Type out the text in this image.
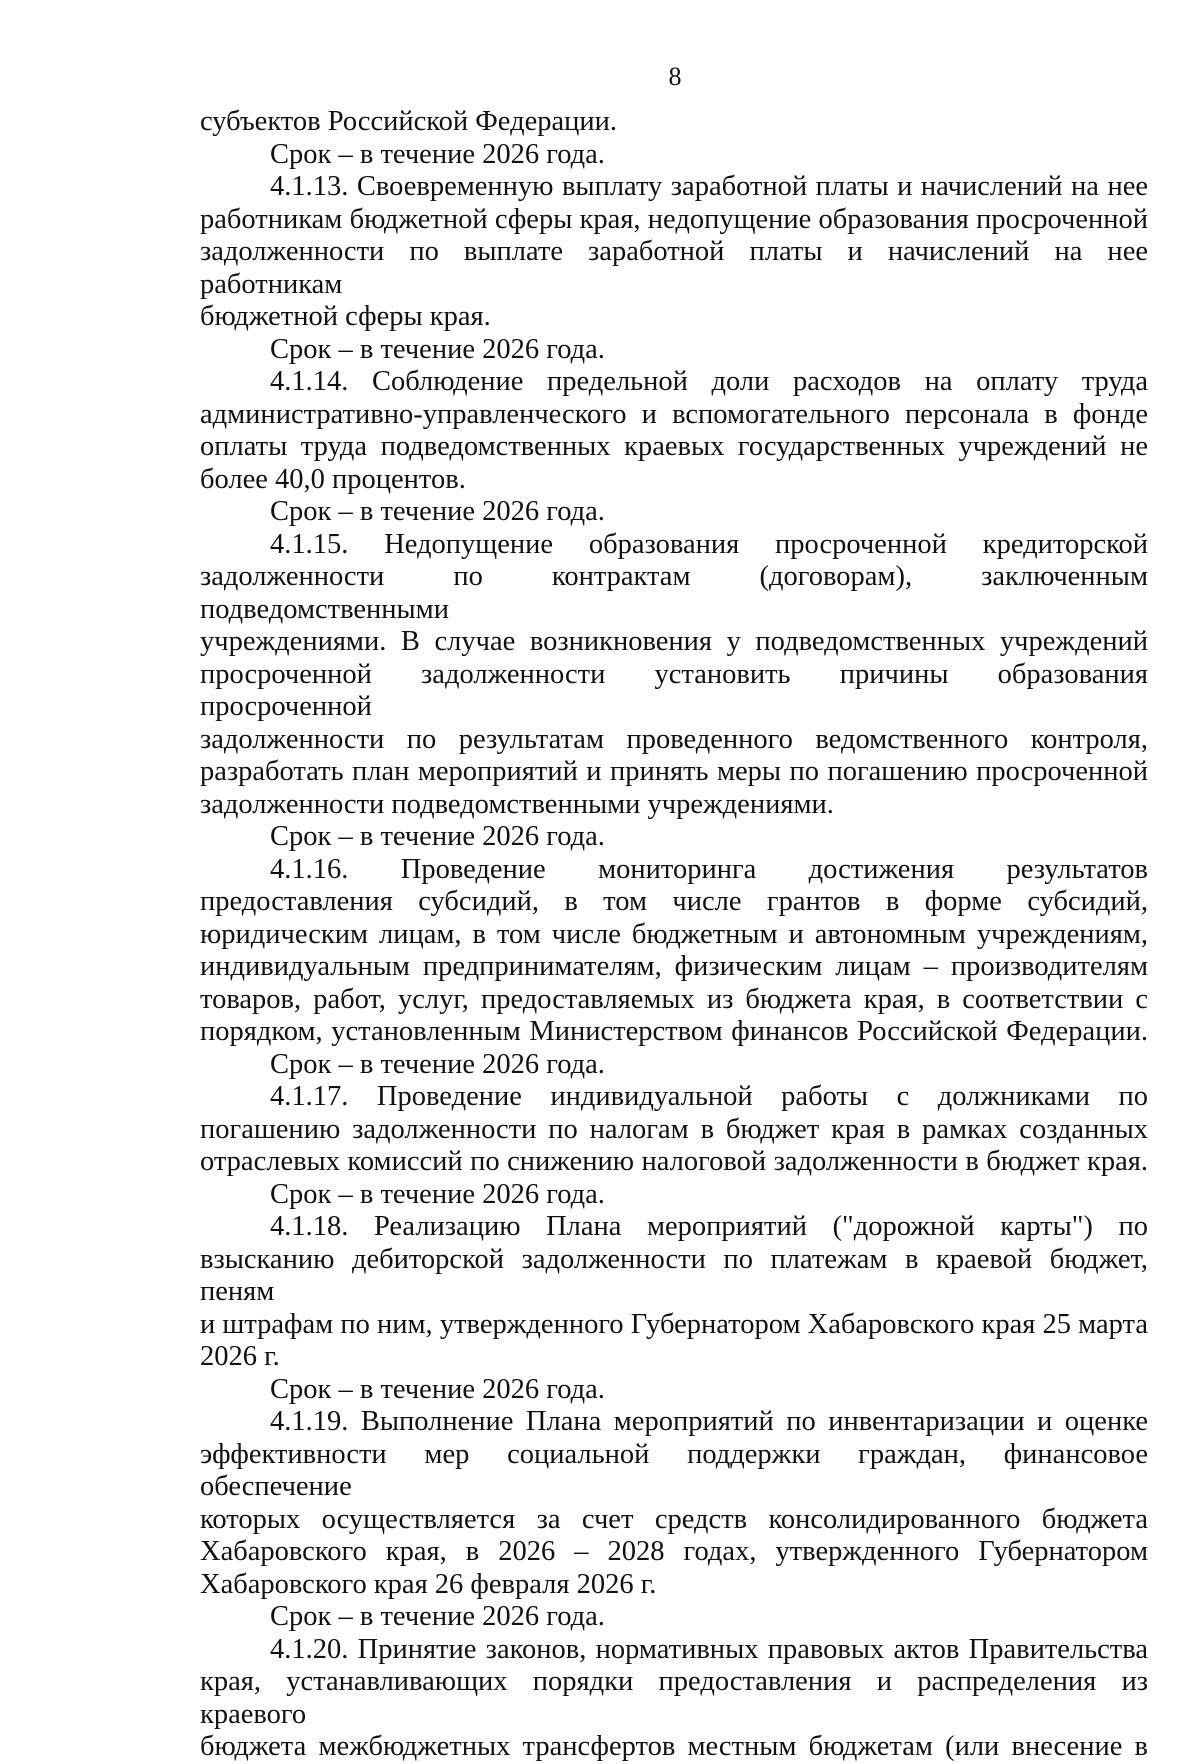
8
субъектов Российской Федерации.
Срок – в течение 2026 года.
4.1.13. Своевременную выплату заработной платы и начислений на нее
работникам бюджетной сферы края, недопущение образования просроченной
задолженности по выплате заработной платы и начислений на нее работникам
бюджетной сферы края.
Срок – в течение 2026 года.
4.1.14. Соблюдение предельной доли расходов на оплату труда
административно-управленческого и вспомогательного персонала в фонде
оплаты труда подведомственных краевых государственных учреждений не
более 40,0 процентов.
Срок – в течение 2026 года.
4.1.15. Недопущение образования просроченной кредиторской
задолженности по контрактам (договорам), заключенным подведомственными
учреждениями. В случае возникновения у подведомственных учреждений
просроченной задолженности установить причины образования просроченной
задолженности по результатам проведенного ведомственного контроля,
разработать план мероприятий и принять меры по погашению просроченной
задолженности подведомственными учреждениями.
Срок – в течение 2026 года.
4.1.16. Проведение мониторинга достижения результатов
предоставления субсидий, в том числе грантов в форме субсидий,
юридическим лицам, в том числе бюджетным и автономным учреждениям,
индивидуальным предпринимателям, физическим лицам – производителям
товаров, работ, услуг, предоставляемых из бюджета края, в соответствии с
порядком, установленным Министерством финансов Российской Федерации.
Срок – в течение 2026 года.
4.1.17. Проведение индивидуальной работы с должниками по
погашению задолженности по налогам в бюджет края в рамках созданных
отраслевых комиссий по снижению налоговой задолженности в бюджет края.
Срок – в течение 2026 года.
4.1.18. Реализацию Плана мероприятий ("дорожной карты") по
взысканию дебиторской задолженности по платежам в краевой бюджет, пеням
и штрафам по ним, утвержденного Губернатором Хабаровского края 25 марта
2026 г.
Срок – в течение 2026 года.
4.1.19. Выполнение Плана мероприятий по инвентаризации и оценке
эффективности мер социальной поддержки граждан, финансовое обеспечение
которых осуществляется за счет средств консолидированного бюджета
Хабаровского края, в 2026 – 2028 годах, утвержденного Губернатором
Хабаровского края 26 февраля 2026 г.
Срок – в течение 2026 года.
4.1.20. Принятие законов, нормативных правовых актов Правительства
края, устанавливающих порядки предоставления и распределения из краевого
бюджета межбюджетных трансфертов местным бюджетам (или внесение в
